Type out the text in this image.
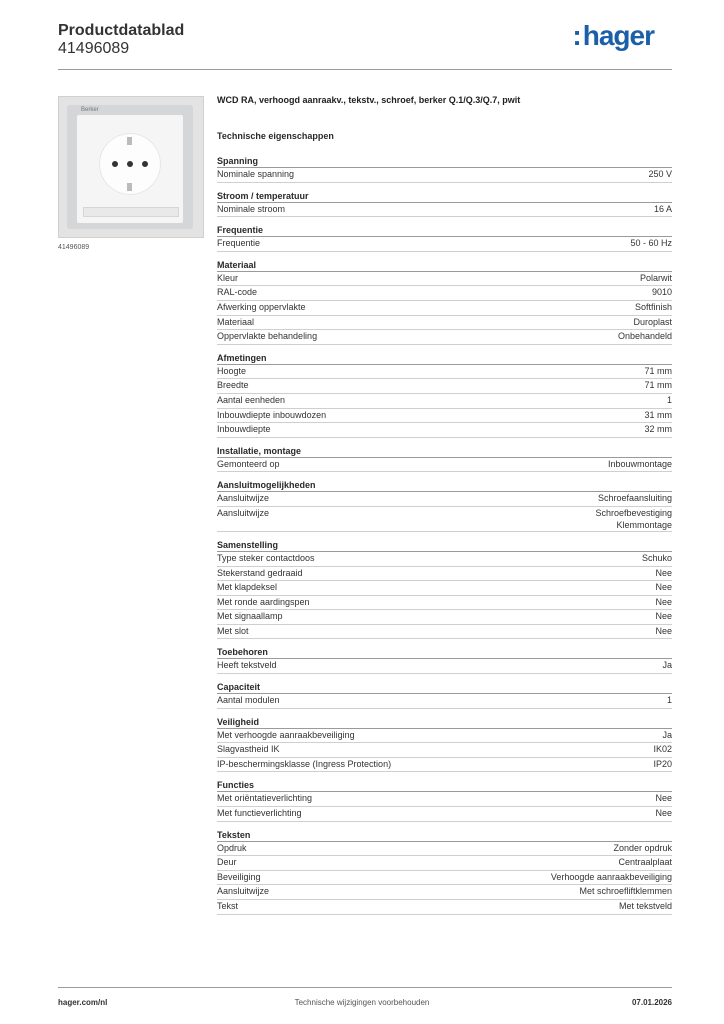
Productdatablad
41496089	:hager
Berker
41496089
WCD RA, verhoogd aanraakv., tekstv., schroef, berker Q.1/Q.3/Q.7, pwit
Technische eigenschappen
Spanning
Nominale spanning	250 V
Stroom / temperatuur
Nominale stroom	16 A
Frequentie
Frequentie	50 - 60 Hz
Materiaal
Kleur	Polarwit
RAL-code	9010
Afwerking oppervlakte	Softfinish
Materiaal	Duroplast
Oppervlakte behandeling	Onbehandeld
Afmetingen
Hoogte	71 mm
Breedte	71 mm
Aantal eenheden	1
Inbouwdiepte inbouwdozen	31 mm
Inbouwdiepte	32 mm
Installatie, montage
Gemonteerd op	Inbouwmontage
Aansluitmogelijkheden
Aansluitwijze	Schroefaansluiting
Aansluitwijze	Schroefbevestiging
Klemmontage
Samenstelling
Type steker contactdoos	Schuko
Stekerstand gedraaid	Nee
Met klapdeksel	Nee
Met ronde aardingspen	Nee
Met signaallamp	Nee
Met slot	Nee
Toebehoren
Heeft tekstveld	Ja
Capaciteit
Aantal modulen	1
Veiligheid
Met verhoogde aanraakbeveiliging	Ja
Slagvastheid IK	IK02
IP-beschermingsklasse (Ingress Protection)	IP20
Functies
Met oriëntatieverlichting	Nee
Met functieverlichting	Nee
Teksten
Opdruk	Zonder opdruk
Deur	Centraalplaat
Beveiliging	Verhoogde aanraakbeveiliging
Aansluitwijze	Met schroefliftklemmen
Tekst	Met tekstveld
hager.com/nl	Technische wijzigingen voorbehouden	07.01.2026
